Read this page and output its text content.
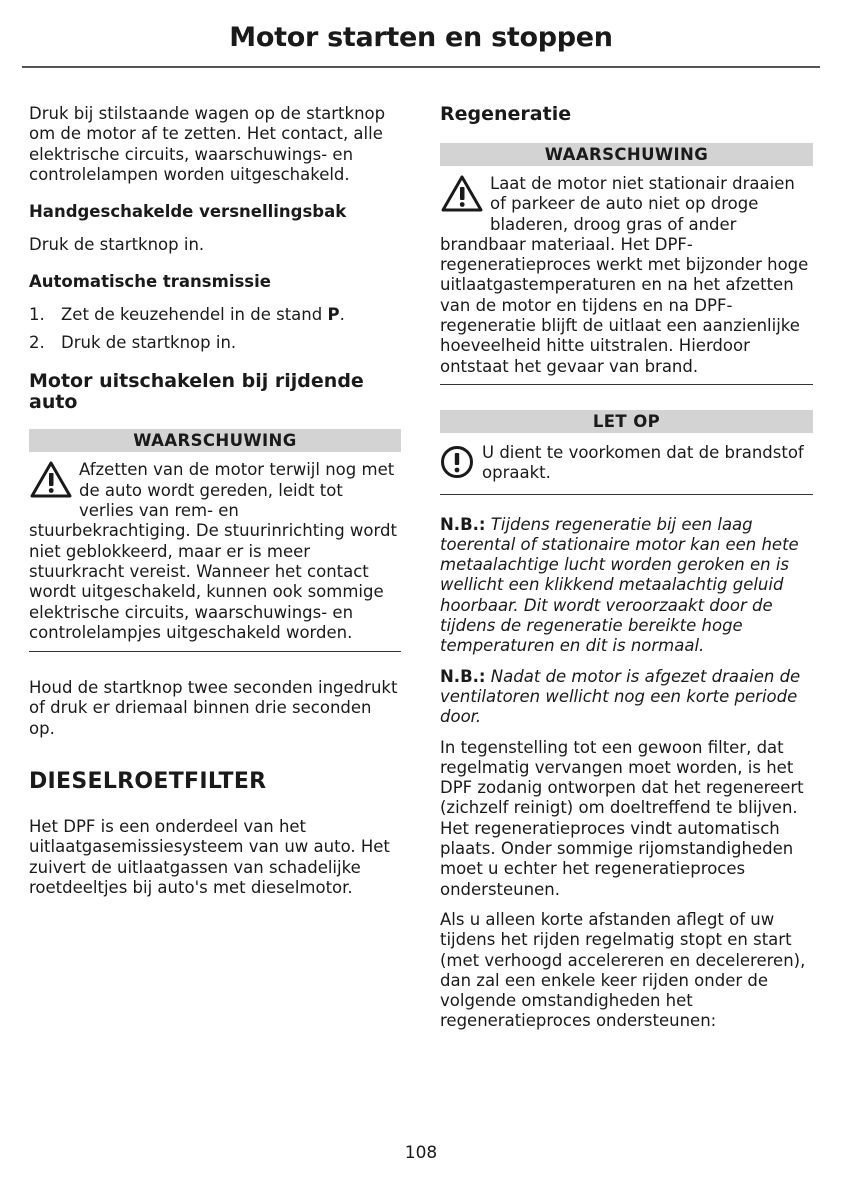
Motor starten en stoppen

Druk bij stilstaande wagen op de startknop om de motor af te zetten. Het contact, alle elektrische circuits, waarschuwings- en controlelampen worden uitgeschakeld.

Handgeschakelde versnellingsbak

Druk de startknop in.

Automatische transmissie

1. Zet de keuzehendel in de stand P.
2. Druk de startknop in.

Motor uitschakelen bij rijdende auto

WAARSCHUWING

Afzetten van de motor terwijl nog met de auto wordt gereden, leidt tot verlies van rem- en stuurbekrachtiging. De stuurinrichting wordt niet geblokkeerd, maar er is meer stuurkracht vereist. Wanneer het contact wordt uitgeschakeld, kunnen ook sommige elektrische circuits, waarschuwings- en controlelampjes uitgeschakeld worden.

Houd de startknop twee seconden ingedrukt of druk er driemaal binnen drie seconden op.

DIESELROETFILTER

Het DPF is een onderdeel van het uitlaatgasemissiesysteem van uw auto. Het zuivert de uitlaatgassen van schadelijke roetdeeltjes bij auto's met dieselmotor.

Regeneratie

WAARSCHUWING

Laat de motor niet stationair draaien of parkeer de auto niet op droge bladeren, droog gras of ander brandbaar materiaal. Het DPF-regeneratieproces werkt met bijzonder hoge uitlaatgastemperaturen en na het afzetten van de motor en tijdens en na DPF-regeneratie blijft de uitlaat een aanzienlijke hoeveelheid hitte uitstralen. Hierdoor ontstaat het gevaar van brand.

LET OP

U dient te voorkomen dat de brandstof opraakt.

N.B.: Tijdens regeneratie bij een laag toerental of stationaire motor kan een hete metaalachtige lucht worden geroken en is wellicht een klikkend metaalachtig geluid hoorbaar. Dit wordt veroorzaakt door de tijdens de regeneratie bereikte hoge temperaturen en dit is normaal.

N.B.: Nadat de motor is afgezet draaien de ventilatoren wellicht nog een korte periode door.

In tegenstelling tot een gewoon filter, dat regelmatig vervangen moet worden, is het DPF zodanig ontworpen dat het regenereert (zichzelf reinigt) om doeltreffend te blijven. Het regeneratieproces vindt automatisch plaats. Onder sommige rijomstandigheden moet u echter het regeneratieproces ondersteunen.

Als u alleen korte afstanden aflegt of uw tijdens het rijden regelmatig stopt en start (met verhoogd accelereren en decelereren), dan zal een enkele keer rijden onder de volgende omstandigheden het regeneratieproces ondersteunen:

108
